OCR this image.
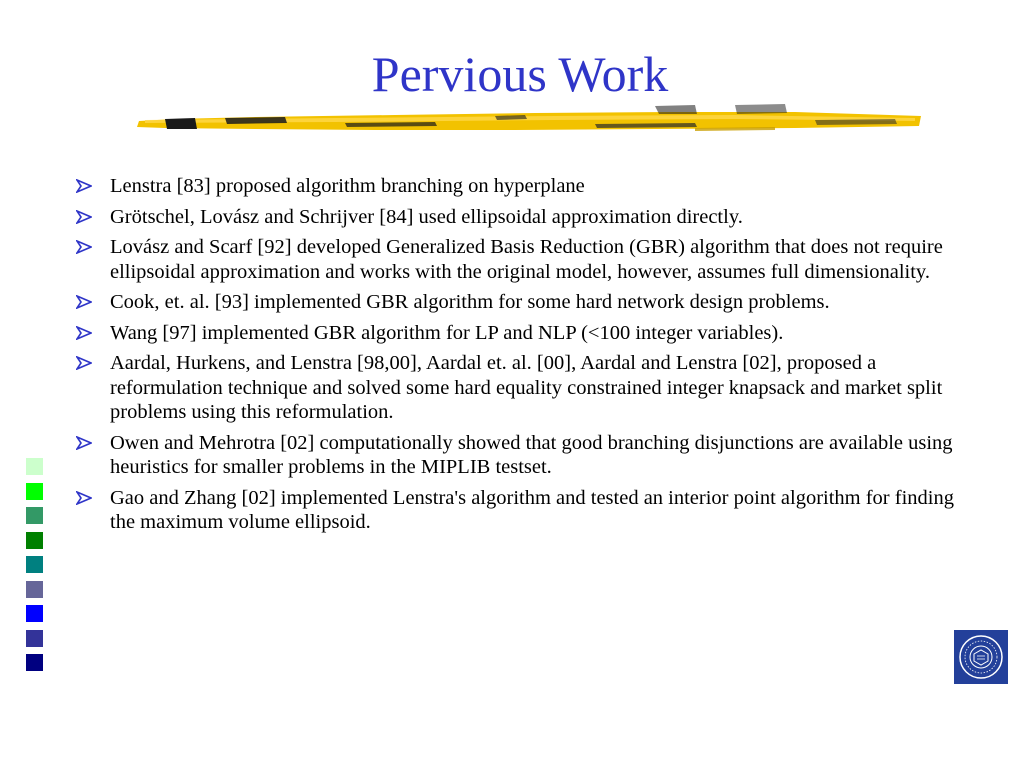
Pervious Work
Lenstra [83] proposed algorithm branching on hyperplane
Grötschel, Lovász and Schrijver [84] used ellipsoidal approximation directly.
Lovász and Scarf [92] developed Generalized Basis Reduction (GBR) algorithm that does not require ellipsoidal approximation and works with the original model, however, assumes full dimensionality.
Cook, et. al. [93] implemented GBR algorithm for some hard network design problems.
Wang [97] implemented GBR algorithm for LP and NLP (<100 integer variables).
Aardal, Hurkens, and Lenstra [98,00], Aardal et. al. [00], Aardal and Lenstra [02], proposed a reformulation technique and solved some hard equality constrained integer knapsack and market split problems using this reformulation.
Owen and Mehrotra [02] computationally showed that good branching disjunctions are available using heuristics for smaller problems in the MIPLIB testset.
Gao and Zhang [02] implemented Lenstra's algorithm and tested an interior point algorithm for finding the maximum volume ellipsoid.
